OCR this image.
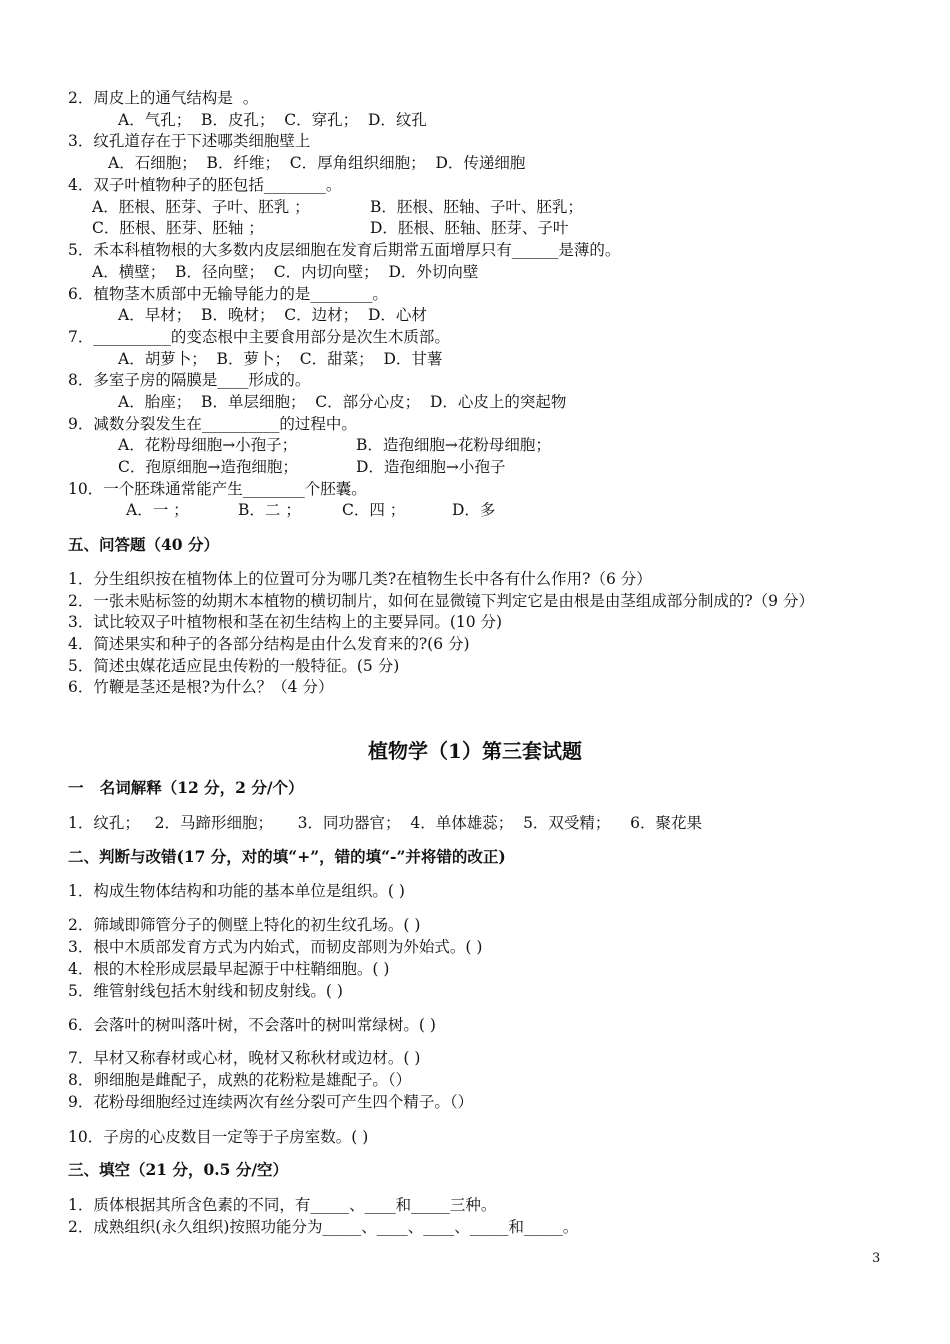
2．周皮上的通气结构是  。
A．气孔；  B．皮孔；  C．穿孔；  D．纹孔
3．纹孔道存在于下述哪类细胞壁上
A．石细胞；  B．纤维；  C．厚角组织细胞；  D．传递细胞
4．双子叶植物种子的胚包括________。
A．胚根、胚芽、子叶、胚乳 ；	B．胚根、胚轴、子叶、胚乳；
C．胚根、胚芽、胚轴 ；	D．胚根、胚轴、胚芽、子叶
5．禾本科植物根的大多数内皮层细胞在发育后期常五面增厚只有______是薄的。
A．横壁；  B．径向壁；  C．内切向壁；  D．外切向壁
6．植物茎木质部中无输导能力的是________。
A．早材；  B．晚材；  C．边材；  D．心材
7．__________的变态根中主要食用部分是次生木质部。
A．胡萝卜；  B．萝卜；  C．甜菜；  D．甘薯
8．多室子房的隔膜是____形成的。
A．胎座；  B．单层细胞；  C．部分心皮；  D．心皮上的突起物
9．减数分裂发生在__________的过程中。
A．花粉母细胞→小孢子；	B．造孢细胞→花粉母细胞；
C．孢原细胞→造孢细胞；	D．造孢细胞→小孢子
10．一个胚珠通常能产生________个胚囊。
A．一 ；	B．二 ；	C．四 ；	D．多
五、问答题（40 分）
1．分生组织按在植物体上的位置可分为哪几类?在植物生长中各有什么作用?（6 分）
2．一张未贴标签的幼期木本植物的横切制片，如何在显微镜下判定它是由根是由茎组成部分制成的?（9 分）
3．试比较双子叶植物根和茎在初生结构上的主要异同。(10 分)
4．简述果实和种子的各部分结构是由什么发育来的?(6 分)
5．简述虫媒花适应昆虫传粉的一般特征。(5 分)
6．竹鞭是茎还是根?为什么？（4 分）
植物学（1）第三套试题
一   名词解释（12 分，2 分/个）
1．纹孔；   2．马蹄形细胞；     3．同功器官；  4．单体雄蕊；  5．双受精；    6．聚花果
二、判断与改错(17 分，对的填“+”，错的填“-”并将错的改正)
1．构成生物体结构和功能的基本单位是组织。( )
2．筛域即筛管分子的侧壁上特化的初生纹孔场。( )
3．根中木质部发育方式为内始式，而韧皮部则为外始式。( )
4．根的木栓形成层最早起源于中柱鞘细胞。( )
5．维管射线包括木射线和韧皮射线。( )
6．会落叶的树叫落叶树，不会落叶的树叫常绿树。( )
7．早材又称春材或心材，晚材又称秋材或边材。( )
8．卵细胞是雌配子，成熟的花粉粒是雄配子。（）
9．花粉母细胞经过连续两次有丝分裂可产生四个精子。（）
10．子房的心皮数目一定等于子房室数。( )
三、填空（21 分，0.5 分/空）
1．质体根据其所含色素的不同，有_____、____和_____三种。
2．成熟组织(永久组织)按照功能分为_____、____、____、_____和_____。
3
